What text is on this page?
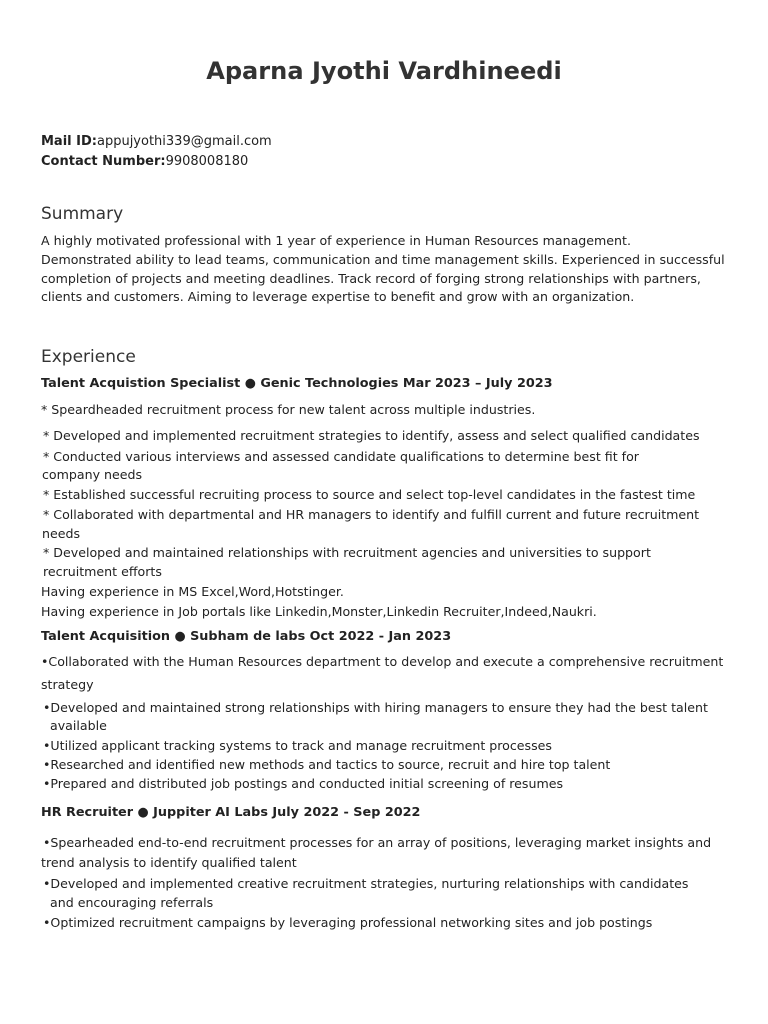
Aparna Jyothi Vardhineedi
Mail ID:appujyothi339@gmail.com
Contact Number:9908008180
Summary
A highly motivated professional with 1 year of experience in Human Resources management.
Demonstrated ability to lead teams, communication and time management skills. Experienced in successful
completion of projects and meeting deadlines. Track record of forging strong relationships with partners,
clients and customers. Aiming to leverage expertise to benefit and grow with an organization.
Experience
Talent Acquistion Specialist ● Genic Technologies Mar 2023 – July 2023
* Speardheaded recruitment process for new talent across multiple industries.
* Developed and implemented recruitment strategies to identify, assess and select qualified candidates
* Conducted various interviews and assessed candidate qualifications to determine best fit for
company needs
* Established successful recruiting process to source and select top-level candidates in the fastest time
* Collaborated with departmental and HR managers to identify and fulfill current and future recruitment
needs
* Developed and maintained relationships with recruitment agencies and universities to support
recruitment efforts
Having experience in MS Excel,Word,Hotstinger.
Having experience in Job portals like Linkedin,Monster,Linkedin Recruiter,Indeed,Naukri.
Talent Acquisition ● Subham de labs Oct 2022 - Jan 2023
•Collaborated with the Human Resources department to develop and execute a comprehensive recruitment
strategy
•Developed and maintained strong relationships with hiring managers to ensure they had the best talent
available
•Utilized applicant tracking systems to track and manage recruitment processes
•Researched and identified new methods and tactics to source, recruit and hire top talent
•Prepared and distributed job postings and conducted initial screening of resumes
HR Recruiter ● Juppiter AI Labs July 2022 - Sep 2022
•Spearheaded end-to-end recruitment processes for an array of positions, leveraging market insights and
trend analysis to identify qualified talent
•Developed and implemented creative recruitment strategies, nurturing relationships with candidates
and encouraging referrals
•Optimized recruitment campaigns by leveraging professional networking sites and job postings
